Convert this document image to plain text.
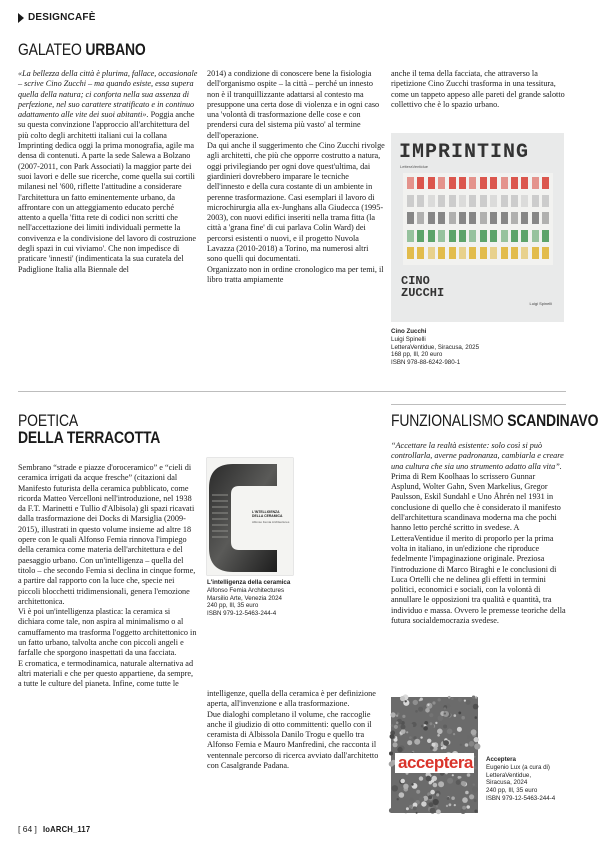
DESIGNCAFÈ
GALATEO URBANO

«La bellezza della città è plurima, fallace, occasionale – scrive Cino Zucchi – ma quando esiste, essa supera quella della natura; ci conforta nella sua assenza di perfezione, nel suo carattere stratificato e in continuo adattamento alle vite dei suoi abitanti». Poggia anche su questa convinzione l'approccio all'architettura del più colto degli architetti italiani cui la collana Imprinting dedica oggi la prima monografia, agile ma densa di contenuti. A parte la sede Salewa a Bolzano (2007-2011, con Park Associati) la maggior parte dei suoi lavori e delle sue ricerche, come quella sui cortili milanesi nel '600, riflette l'attitudine a considerare l'architettura un fatto eminentemente urbano, da affrontare con un atteggiamento educato perché attento a quella 'fitta rete di codici non scritti che nell'accettazione dei limiti individuali permette la convivenza e la condivisione del lavoro di costruzione degli spazi in cui viviamo'. Che non impedisce di praticare 'innesti' (indimenticata la sua curatela del Padiglione Italia alla Biennale del

2014) a condizione di conoscere bene la fisiologia dell'organismo ospite – la città – perché un innesto non è il tranquillizzante adattarsi al contesto ma presuppone una certa dose di violenza e in ogni caso una 'volontà di trasformazione delle cose e con prendersi cura del sistema più vasto' al termine dell'operazione.
Da qui anche il suggerimento che Cino Zucchi rivolge agli architetti, che più che opporre costrutto a natura, oggi privilegiando per ogni dove quest'ultima, dai giardinieri dovrebbero imparare le tecniche dell'innesto e della cura costante di un ambiente in perenne trasformazione. Casi esemplari il lavoro di microchirurgia alla ex-Junghans alla Giudecca (1995-2003), con nuovi edifici inseriti nella trama fitta (la città a 'grana fine' di cui parlava Colin Ward) dei percorsi esistenti o nuovi, e il progetto Nuvola Lavazza (2010-2018) a Torino, ma numerosi altri sono quelli qui documentati.
Organizzato non in ordine cronologico ma per temi, il libro tratta ampiamente
anche il tema della facciata, che attraverso la ripetizione Cino Zucchi trasforma in una tessitura, come un tappeto appeso alle pareti del grande salotto collettivo che è lo spazio urbano.
IMPRINTING
LetteraVentidue
CINO
ZUCCHI
Luigi Spinelli
Cino Zucchi
Luigi Spinelli
LetteraVentidue, Siracusa, 2025
168 pp, Ill, 20 euro
ISBN 978-88-6242-980-1
POETICA
DELLA TERRACOTTA
Sembrano “strade e piazze d'oroceramico” e “cieli di ceramica irrigati da acque fresche” (citazioni dal Manifesto futurista della ceramica pubblicato, come ricorda Matteo Vercelloni nell'introduzione, nel 1938 da F.T. Marinetti e Tullio d'Albisola) gli spazi ricavati dalla trasformazione dei Docks di Marsiglia (2009-2015), illustrati in questo volume insieme ad altre 18 opere con le quali Alfonso Femia rinnova l'impiego della ceramica come materia dell'architettura e del paesaggio urbano. Con un'intelligenza – quella del titolo – che secondo Femia si declina in cinque forme, a partire dal rapporto con la luce che, specie nei piccoli blocchetti tridimensionali, genera l'emozione architettonica.
Vi è poi un'intelligenza plastica: la ceramica si dichiara come tale, non aspira al minimalismo o al camuffamento ma trasforma l'oggetto architettonico in un fatto urbano, talvolta anche con piccoli angeli e farfalle che sporgono inaspettati da una facciata.
E cromatica, e termodinamica, naturale alternativa ad altri materiali e che per questo appartiene, da sempre, a tutte le culture del pianeta. Infine, come tutte le
L'INTELLIGENZA DELLA CERAMICA
Alfonso Femia Architectures
L'intelligenza della ceramica
Alfonso Femia Architectures
Marsilio Arte, Venezia 2024
240 pp, Ill, 35 euro
ISBN 979-12-5463-244-4
intelligenze, quella della ceramica è per definizione aperta, all'invenzione e alla trasformazione.
Due dialoghi completano il volume, che raccoglie anche il giudizio di otto committenti: quello con il ceramista di Albissola Danilo Trogu e quello tra Alfonso Femia e Mauro Manfredini, che racconta il ventennale percorso di ricerca avviato dall'architetto con Casalgrande Padana.
FUNZIONALISMO SCANDINAVO

“Accettare la realtà esistente: solo così si può controllarla, averne padronanza, cambiarla e creare una cultura che sia uno strumento adatto alla vita”. Prima di Rem Koolhaas lo scrissero Gunnar Asplund, Wolter Gahn, Sven Markelius, Gregor Paulsson, Eskil Sundahl e Uno Åhrén nel 1931 in conclusione di quello che è considerato il manifesto dell'architettura scandinava moderna ma che pochi hanno letto perché scritto in svedese. A LetteraVentidue il merito di proporlo per la prima volta in italiano, in un'edizione che riproduce fedelmente l'impaginazione originale. Preziosa l'introduzione di Marco Biraghi e le conclusioni di Luca Ortelli che ne delinea gli effetti in termini politici, economici e sociali, con la volontà di annullare le opposizioni tra qualità e quantità, tra individuo e massa. Ovvero le premesse teoriche della futura socialdemocrazia svedese.

acceptera Acceptera
Eugenio Lux (a cura di)
LetteraVentidue,
Siracusa, 2024
240 pp, Ill, 35 euro
ISBN 979-12-5463-244-4
[ 64 ] IoARCH_117
